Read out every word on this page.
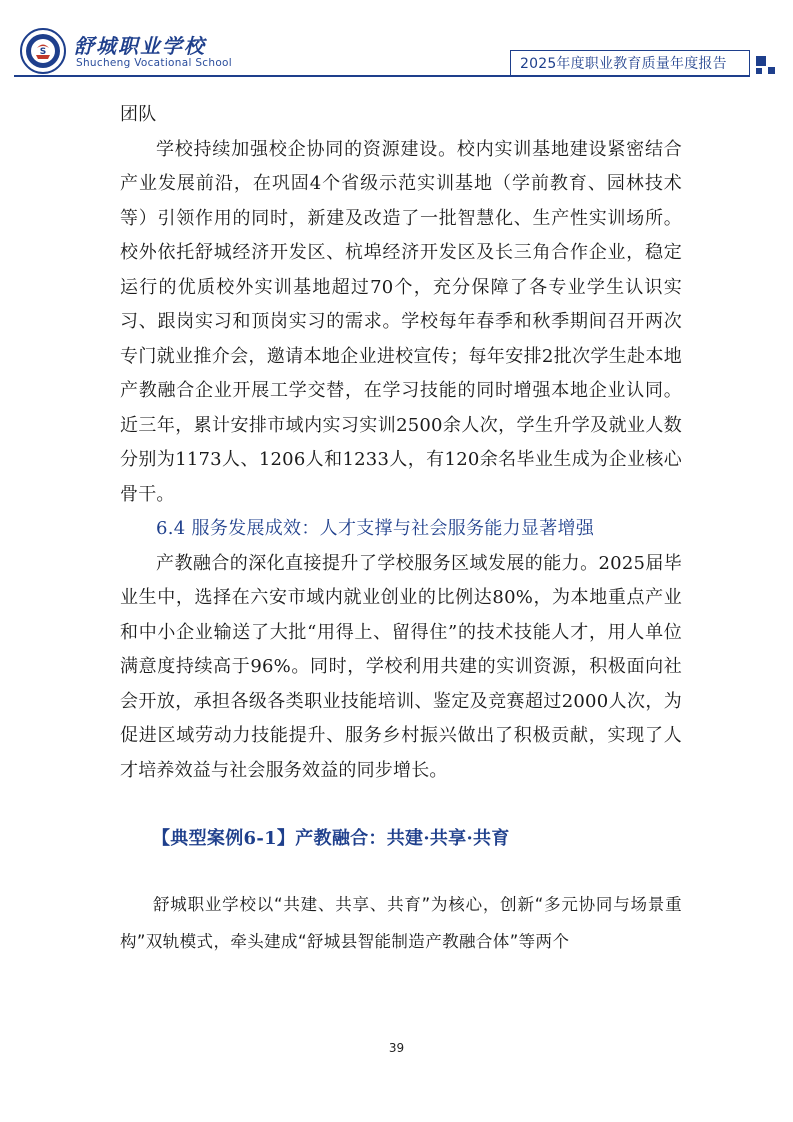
S 舒城职业学校
Shucheng Vocational School	2025年度职业教育质量年度报告

团队

学校持续加强校企协同的资源建设。校内实训基地建设紧密结合产业发展前沿，在巩固4个省级示范实训基地（学前教育、园林技术等）引领作用的同时，新建及改造了一批智慧化、生产性实训场所。校外依托舒城经济开发区、杭埠经济开发区及长三角合作企业，稳定运行的优质校外实训基地超过70个，充分保障了各专业学生认识实习、跟岗实习和顶岗实习的需求。学校每年春季和秋季期间召开两次专门就业推介会，邀请本地企业进校宣传；每年安排2批次学生赴本地产教融合企业开展工学交替，在学习技能的同时增强本地企业认同。近三年，累计安排市域内实习实训2500余人次，学生升学及就业人数分别为1173人、1206人和1233人，有120余名毕业生成为企业核心骨干。

6.4 服务发展成效：人才支撑与社会服务能力显著增强

产教融合的深化直接提升了学校服务区域发展的能力。2025届毕业生中，选择在六安市域内就业创业的比例达80%，为本地重点产业和中小企业输送了大批“用得上、留得住”的技术技能人才，用人单位满意度持续高于96%。同时，学校利用共建的实训资源，积极面向社会开放，承担各级各类职业技能培训、鉴定及竞赛超过2000人次，为促进区域劳动力技能提升、服务乡村振兴做出了积极贡献，实现了人才培养效益与社会服务效益的同步增长。

【典型案例6-1】产教融合：共建·共享·共育

舒城职业学校以“共建、共享、共育”为核心，创新“多元协同与场景重构”双轨模式，牵头建成“舒城县智能制造产教融合体”等两个

39
